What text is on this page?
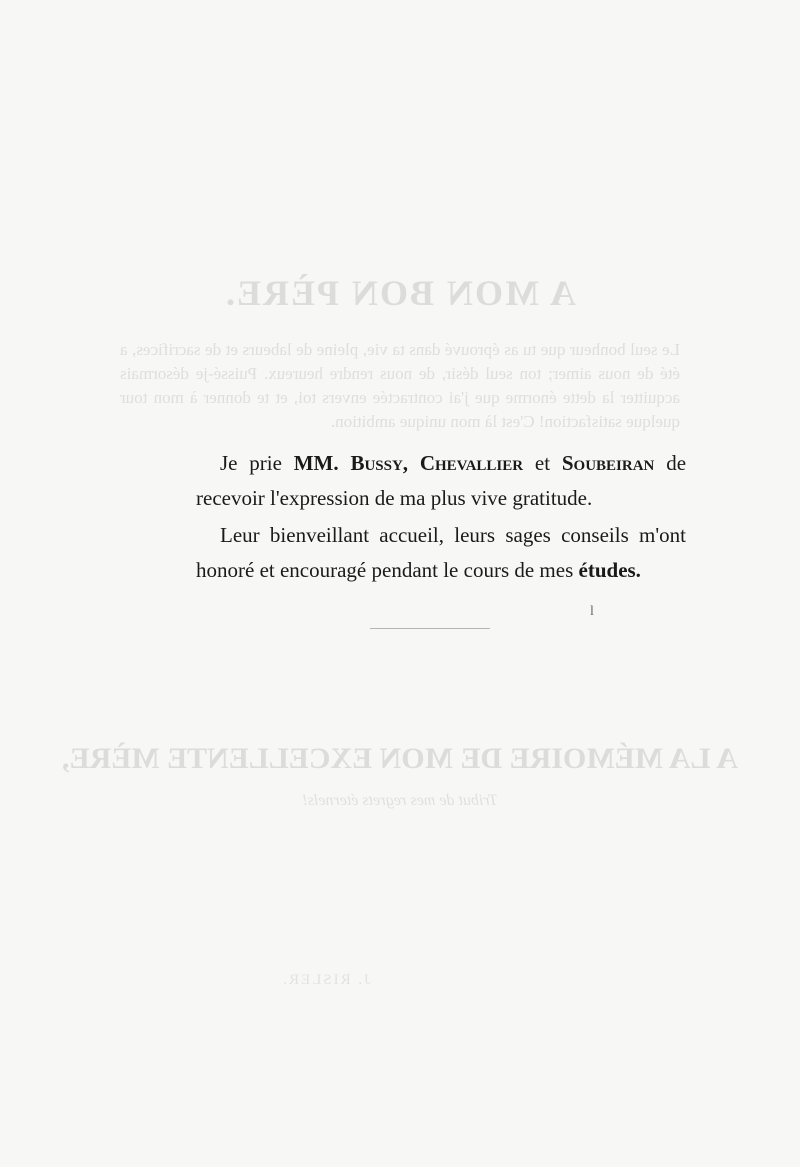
A MON BON PÈRE.
Le seul bonheur que tu as éprouvé dans ta vie, pleine de labeurs et de sacrifices, a été de nous aimer; ton seul désir, de nous rendre heureux. Puissé-je désormais acquitter la dette énorme que j'ai contractée envers toi, et te donner à mon tour quelque satisfaction! C'est là mon unique ambition.
A LA MÉMOIRE DE MON EXCELLENTE MÈRE,
Tribut de mes regrets éternels!
J. RISLER.

Je prie MM. Bussy, Chevallier et Soubeiran de recevoir l'expression de ma plus vive gratitude.

Leur bienveillant accueil, leurs sages conseils m'ont honoré et encouragé pendant le cours de mes études.

l
